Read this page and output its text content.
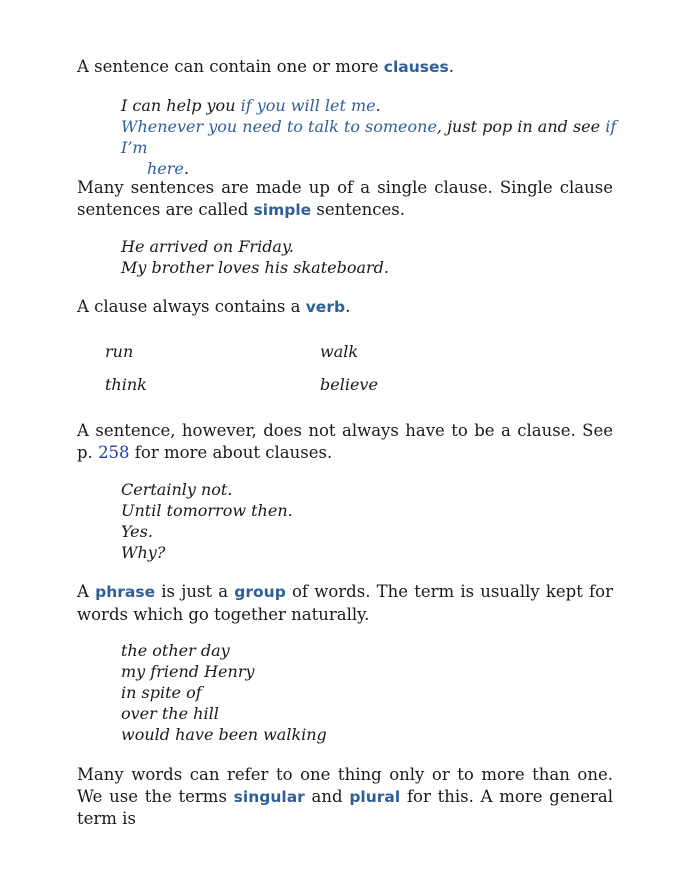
A sentence can contain one or more clauses.

I can help you if you will let me.
Whenever you need to talk to someone, just pop in and see if I’m
here.

Many sentences are made up of a single clause. Single clause sentences are called simple sentences.

He arrived on Friday.
My brother loves his skateboard.

A clause always contains a verb.

run	walk
think	believe

A sentence, however, does not always have to be a clause. See p. 258 for more about clauses.

Certainly not.
Until tomorrow then.
Yes.
Why?

A phrase is just a group of words. The term is usually kept for words which go together naturally.

the other day
my friend Henry
in spite of
over the hill
would have been walking

Many words can refer to one thing only or to more than one. We use the terms singular and plural for this. A more general term is
